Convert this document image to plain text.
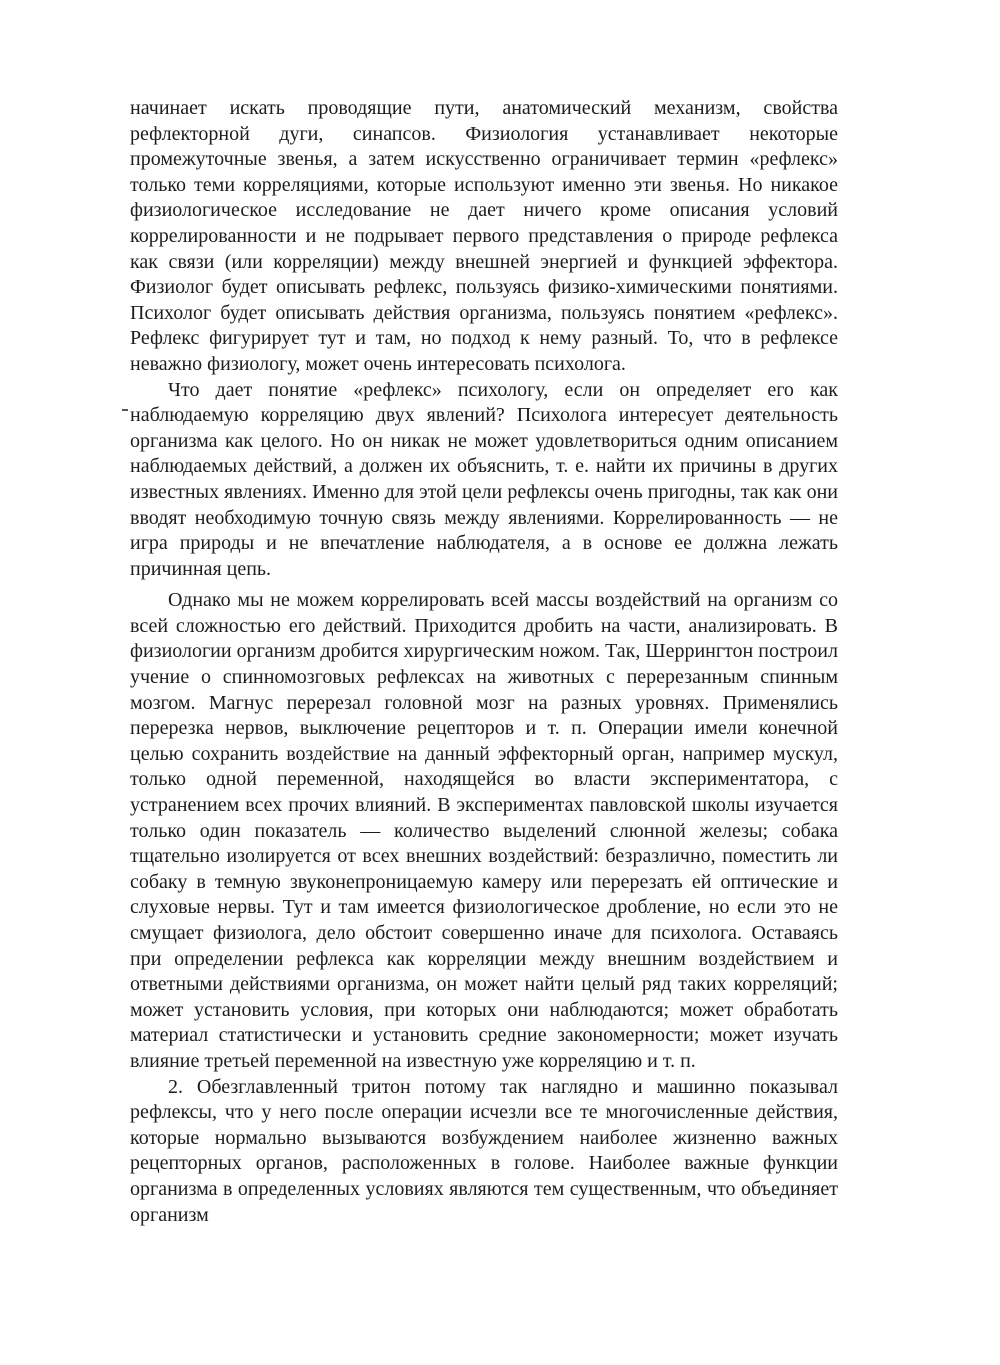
начинает искать проводящие пути, анатомический механизм, свойства рефлекторной дуги, синапсов. Физиология устанавливает некоторые промежуточные звенья, а затем искусственно ограничивает термин «рефлекс» только теми корреляциями, которые используют именно эти звенья. Но никакое физиологическое исследование не дает ничего кроме описания условий коррелированности и не подрывает первого представления о природе рефлекса как связи (или корреляции) между внешней энергией и функцией эффектора. Физиолог будет описывать рефлекс, пользуясь физико-химическими понятиями. Психолог будет описывать действия организма, пользуясь понятием «рефлекс». Рефлекс фигурирует тут и там, но подход к нему разный. То, что в рефлексе неважно физиологу, может очень интересовать психолога.

Что дает понятие «рефлекс» психологу, если он определяет его как наблюдаемую корреляцию двух явлений? Психолога интересует деятельность организма как целого. Но он никак не может удовлетвориться одним описанием наблюдаемых действий, а должен их объяснить, т. е. найти их причины в других известных явлениях. Именно для этой цели рефлексы очень пригодны, так как они вводят необходимую точную связь между явлениями. Коррелированность — не игра природы и не впечатление наблюдателя, а в основе ее должна лежать причинная цепь.

Однако мы не можем коррелировать всей массы воздействий на организм со всей сложностью его действий. Приходится дробить на части, анализировать. В физиологии организм дробится хирургическим ножом. Так, Шеррингтон построил учение о спинномозговых рефлексах на животных с перерезанным спинным мозгом. Магнус перерезал головной мозг на разных уровнях. Применялись перерезка нервов, выключение рецепторов и т. п. Операции имели конечной целью сохранить воздействие на данный эффекторный орган, например мускул, только одной переменной, находящейся во власти экспериментатора, с устранением всех прочих влияний. В экспериментах павловской школы изучается только один показатель — количество выделений слюнной железы; собака тщательно изолируется от всех внешних воздействий: безразлично, поместить ли собаку в темную звуконепроницаемую камеру или перерезать ей оптические и слуховые нервы. Тут и там имеется физиологическое дробление, но если это не смущает физиолога, дело обстоит совершенно иначе для психолога. Оставаясь при определении рефлекса как корреляции между внешним воздействием и ответными действиями организма, он может найти целый ряд таких корреляций; может установить условия, при которых они наблюдаются; может обработать материал статистически и установить средние закономерности; может изучать влияние третьей переменной на известную уже корреляцию и т. п.

2. Обезглавленный тритон потому так наглядно и машинно показывал рефлексы, что у него после операции исчезли все те многочисленные действия, которые нормально вызываются возбуждением наиболее жизненно важных рецепторных органов, расположенных в голове. Наиболее важные функции организма в определенных условиях являются тем существенным, что объединяет организм
